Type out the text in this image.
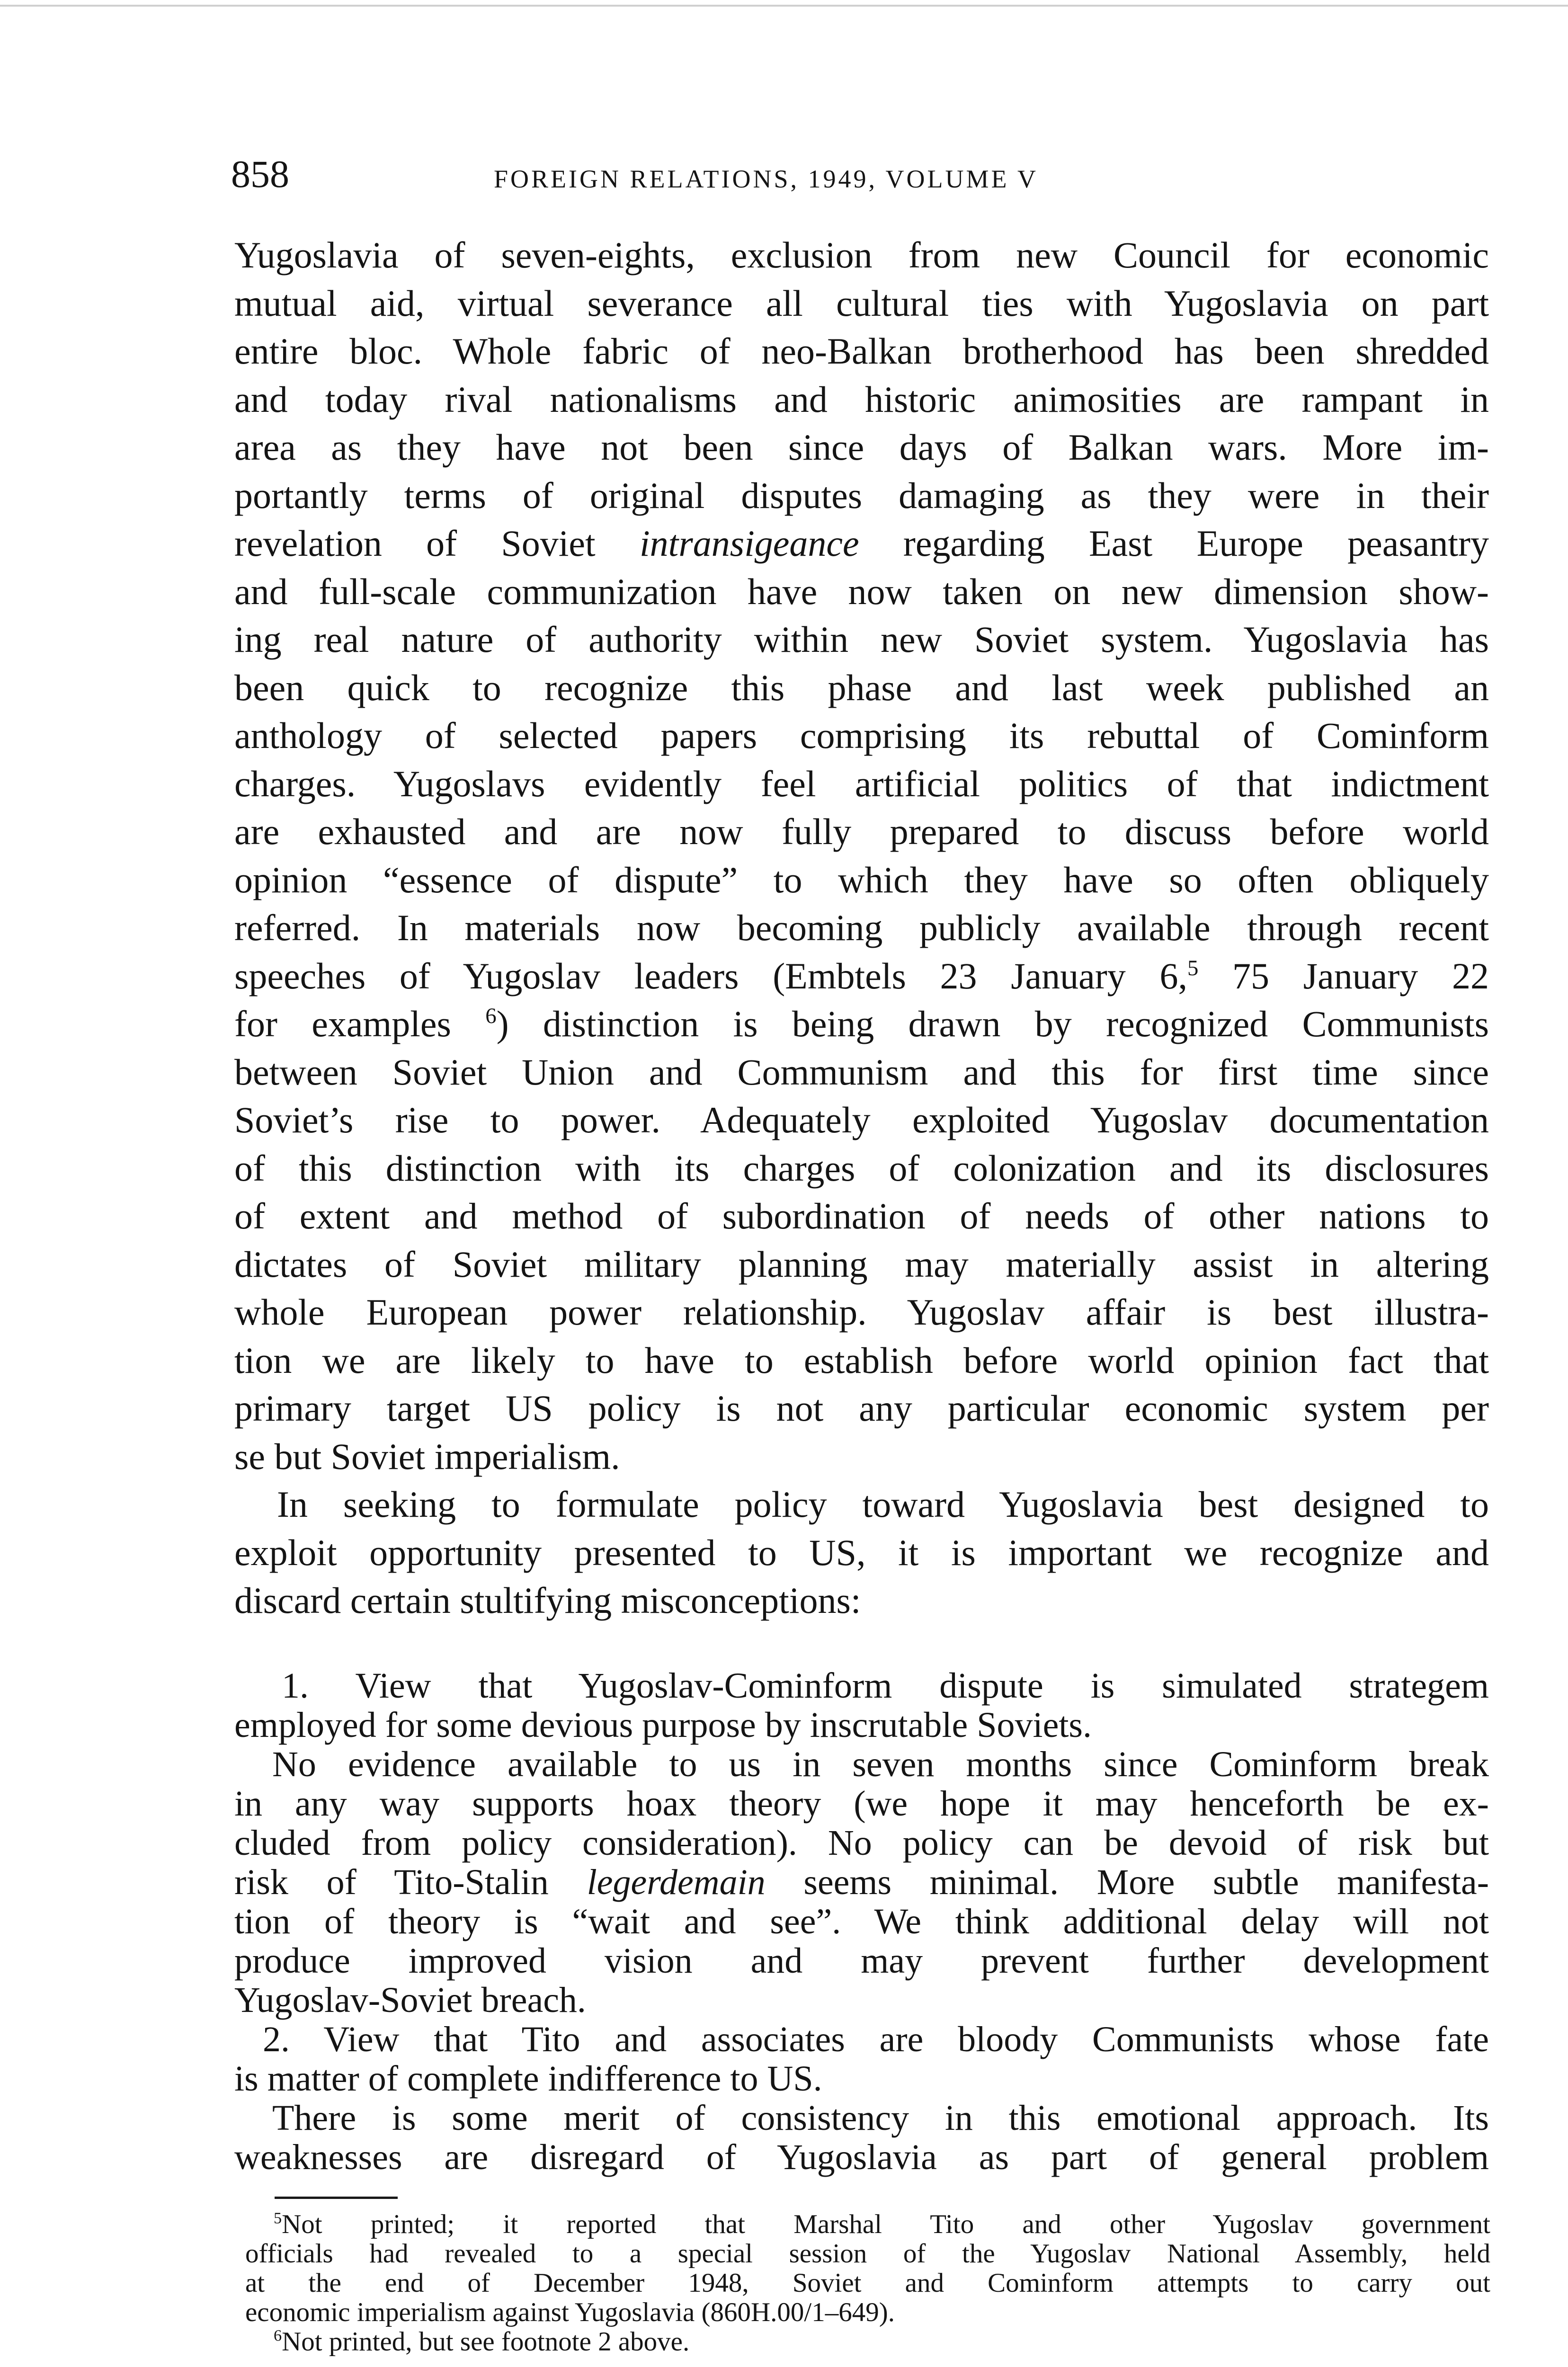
858	FOREIGN RELATIONS, 1949, VOLUME V
Yugoslavia of seven-eights, exclusion from new Council for economic
mutual aid, virtual severance all cultural ties with Yugoslavia on part
entire bloc. Whole fabric of neo-Balkan brotherhood has been shredded
and today rival nationalisms and historic animosities are rampant in
area as they have not been since days of Balkan wars. More im-
portantly terms of original disputes damaging as they were in their
revelation of Soviet intransigeance regarding East Europe peasantry
and full-scale communization have now taken on new dimension show-
ing real nature of authority within new Soviet system. Yugoslavia has
been quick to recognize this phase and last week published an
anthology of selected papers comprising its rebuttal of Cominform
charges. Yugoslavs evidently feel artificial politics of that indictment
are exhausted and are now fully prepared to discuss before world
opinion “essence of dispute” to which they have so often obliquely
referred. In materials now becoming publicly available through recent
speeches of Yugoslav leaders (Embtels 23 January 6,$^5$ 75 January 22
for examples $^6$) distinction is being drawn by recognized Communists
between Soviet Union and Communism and this for first time since
Soviet’s rise to power. Adequately exploited Yugoslav documentation
of this distinction with its charges of colonization and its disclosures
of extent and method of subordination of needs of other nations to
dictates of Soviet military planning may materially assist in altering
whole European power relationship. Yugoslav affair is best illustra-
tion we are likely to have to establish before world opinion fact that
primary target US policy is not any particular economic system per
se but Soviet imperialism.
In seeking to formulate policy toward Yugoslavia best designed to
exploit opportunity presented to US, it is important we recognize and
discard certain stultifying misconceptions:
1. View that Yugoslav-Cominform dispute is simulated strategem
employed for some devious purpose by inscrutable Soviets.
No evidence available to us in seven months since Cominform break
in any way supports hoax theory (we hope it may henceforth be ex-
cluded from policy consideration). No policy can be devoid of risk but
risk of Tito-Stalin legerdemain seems minimal. More subtle manifesta-
tion of theory is “wait and see”. We think additional delay will not
produce improved vision and may prevent further development
Yugoslav-Soviet breach.
2. View that Tito and associates are bloody Communists whose fate
is matter of complete indifference to US.
There is some merit of consistency in this emotional approach. Its
weaknesses are disregard of Yugoslavia as part of general problem
$^5$Not printed; it reported that Marshal Tito and other Yugoslav government
officials had revealed to a special session of the Yugoslav National Assembly, held
at the end of December 1948, Soviet and Cominform attempts to carry out
economic imperialism against Yugoslavia (860H.00/1–649).
$^6$Not printed, but see footnote 2 above.
